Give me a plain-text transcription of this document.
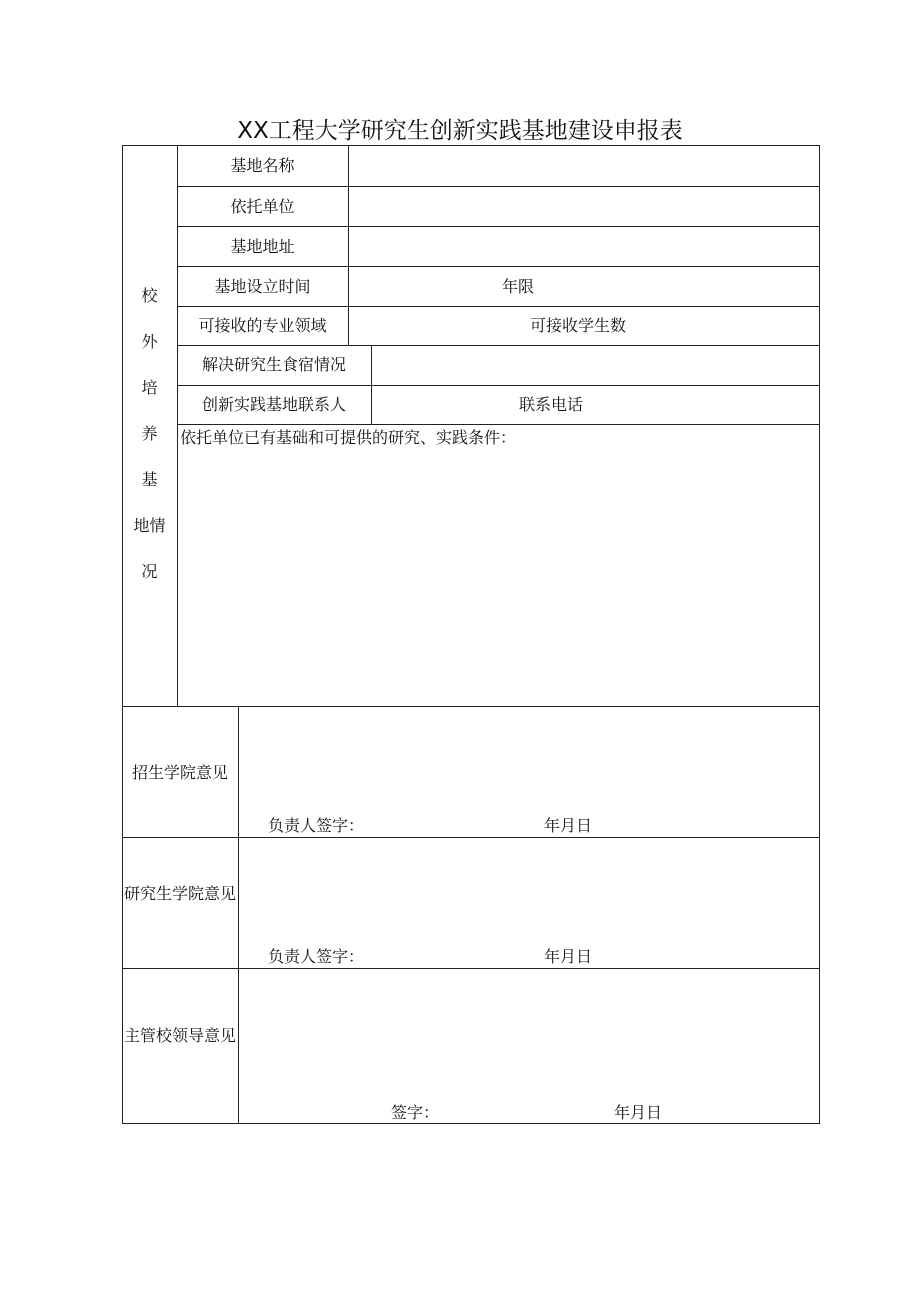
XX工程大学研究生创新实践基地建设申报表
校
外
培
养
基
地情
况
基地名称
依托单位
基地地址
基地设立时间	年限
可接收的专业领域	可接收学生数
解决研究生食宿情况
创新实践基地联系人	联系电话
依托单位已有基础和可提供的研究、实践条件：
招生学院意见
负责人签字：	年月日
研究生学院意见
负责人签字：	年月日
主管校领导意见
签字：	年月日
